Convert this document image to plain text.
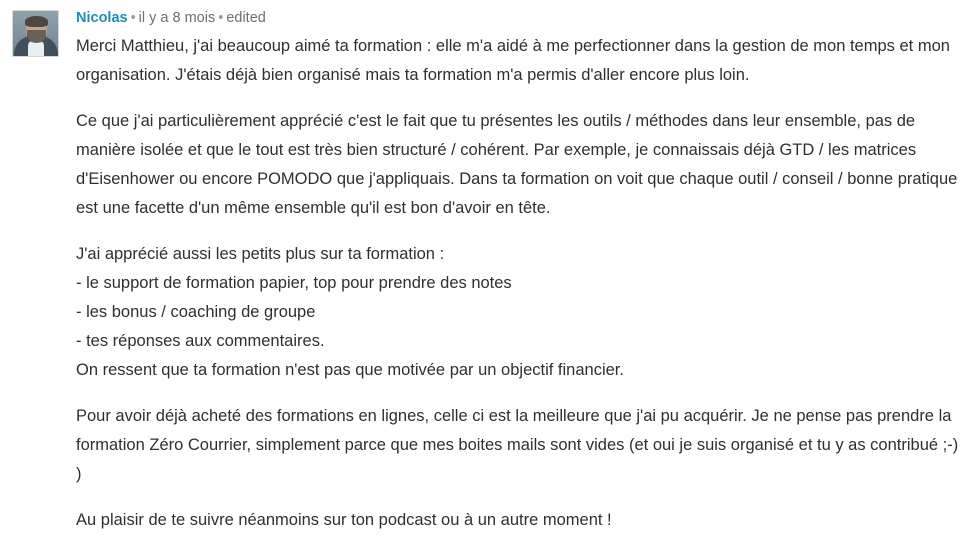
Nicolas • il y a 8 mois • edited

Merci Matthieu, j'ai beaucoup aimé ta formation : elle m'a aidé à me perfectionner dans la gestion de mon temps et mon organisation. J'étais déjà bien organisé mais ta formation m'a permis d'aller encore plus loin.

Ce que j'ai particulièrement apprécié c'est le fait que tu présentes les outils / méthodes dans leur ensemble, pas de manière isolée et que le tout est très bien structuré / cohérent. Par exemple, je connaissais déjà GTD / les matrices d'Eisenhower ou encore POMODO que j'appliquais. Dans ta formation on voit que chaque outil / conseil / bonne pratique est une facette d'un même ensemble qu'il est bon d'avoir en tête.

J'ai apprécié aussi les petits plus sur ta formation :

- le support de formation papier, top pour prendre des notes

- les bonus / coaching de groupe

- tes réponses aux commentaires.

On ressent que ta formation n'est pas que motivée par un objectif financier.

Pour avoir déjà acheté des formations en lignes, celle ci est la meilleure que j'ai pu acquérir. Je ne pense pas prendre la formation Zéro Courrier, simplement parce que mes boites mails sont vides (et oui je suis organisé et tu y as contribué ;-) )

Au plaisir de te suivre néanmoins sur ton podcast ou à un autre moment !
